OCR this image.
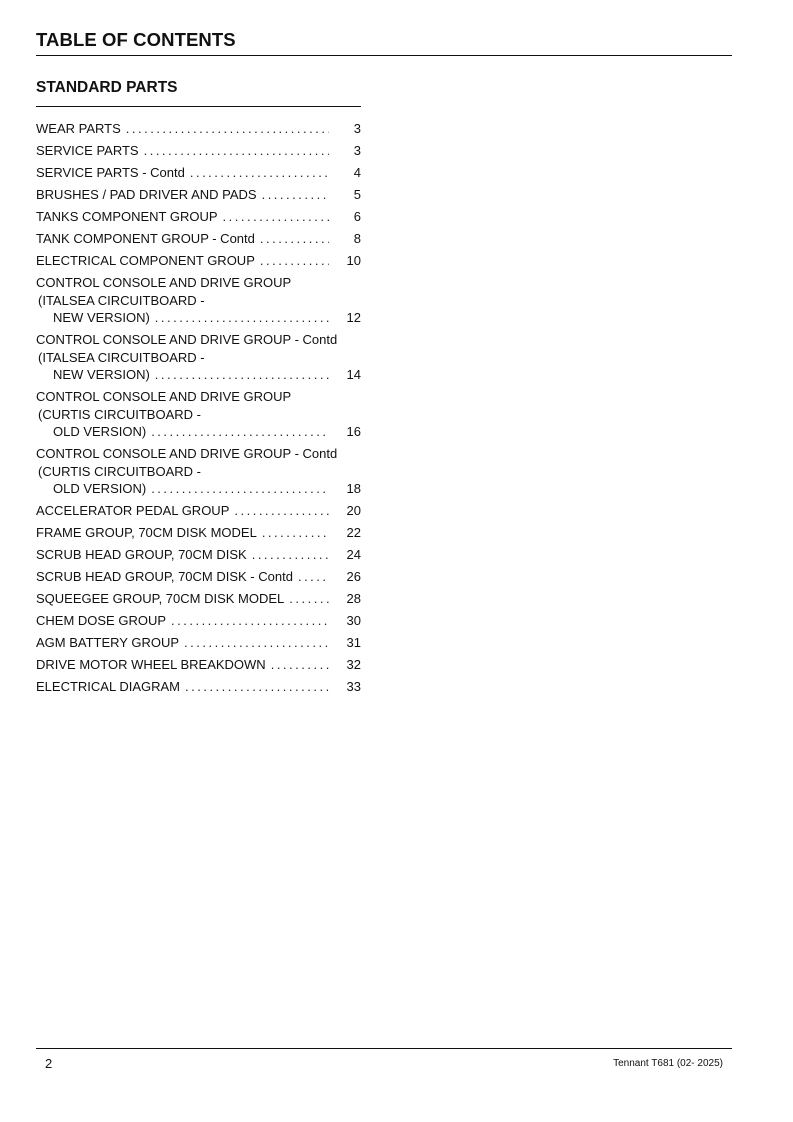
TABLE OF CONTENTS
STANDARD PARTS
WEAR PARTS .....	3
SERVICE PARTS .....	3
SERVICE PARTS - Contd .....	4
BRUSHES / PAD DRIVER AND PADS .....	5
TANKS COMPONENT GROUP .....	6
TANK COMPONENT GROUP - Contd .....	8
ELECTRICAL COMPONENT GROUP .....	10
CONTROL CONSOLE AND DRIVE GROUP
(ITALSEA CIRCUITBOARD -
NEW VERSION) .....	12
CONTROL CONSOLE AND DRIVE GROUP - Contd
(ITALSEA CIRCUITBOARD -
NEW VERSION) .....	14
CONTROL CONSOLE AND DRIVE GROUP
(CURTIS CIRCUITBOARD -
OLD VERSION) .....	16
CONTROL CONSOLE AND DRIVE GROUP - Contd
(CURTIS CIRCUITBOARD -
OLD VERSION) .....	18
ACCELERATOR PEDAL GROUP .....	20
FRAME GROUP, 70CM DISK MODEL .....	22
SCRUB HEAD GROUP, 70CM DISK .....	24
SCRUB HEAD GROUP, 70CM DISK - Contd .....	26
SQUEEGEE GROUP, 70CM DISK MODEL .....	28
CHEM DOSE GROUP .....	30
AGM BATTERY GROUP .....	31
DRIVE MOTOR WHEEL BREAKDOWN .....	32
ELECTRICAL DIAGRAM .....	33
2	Tennant T681 (02- 2025)
